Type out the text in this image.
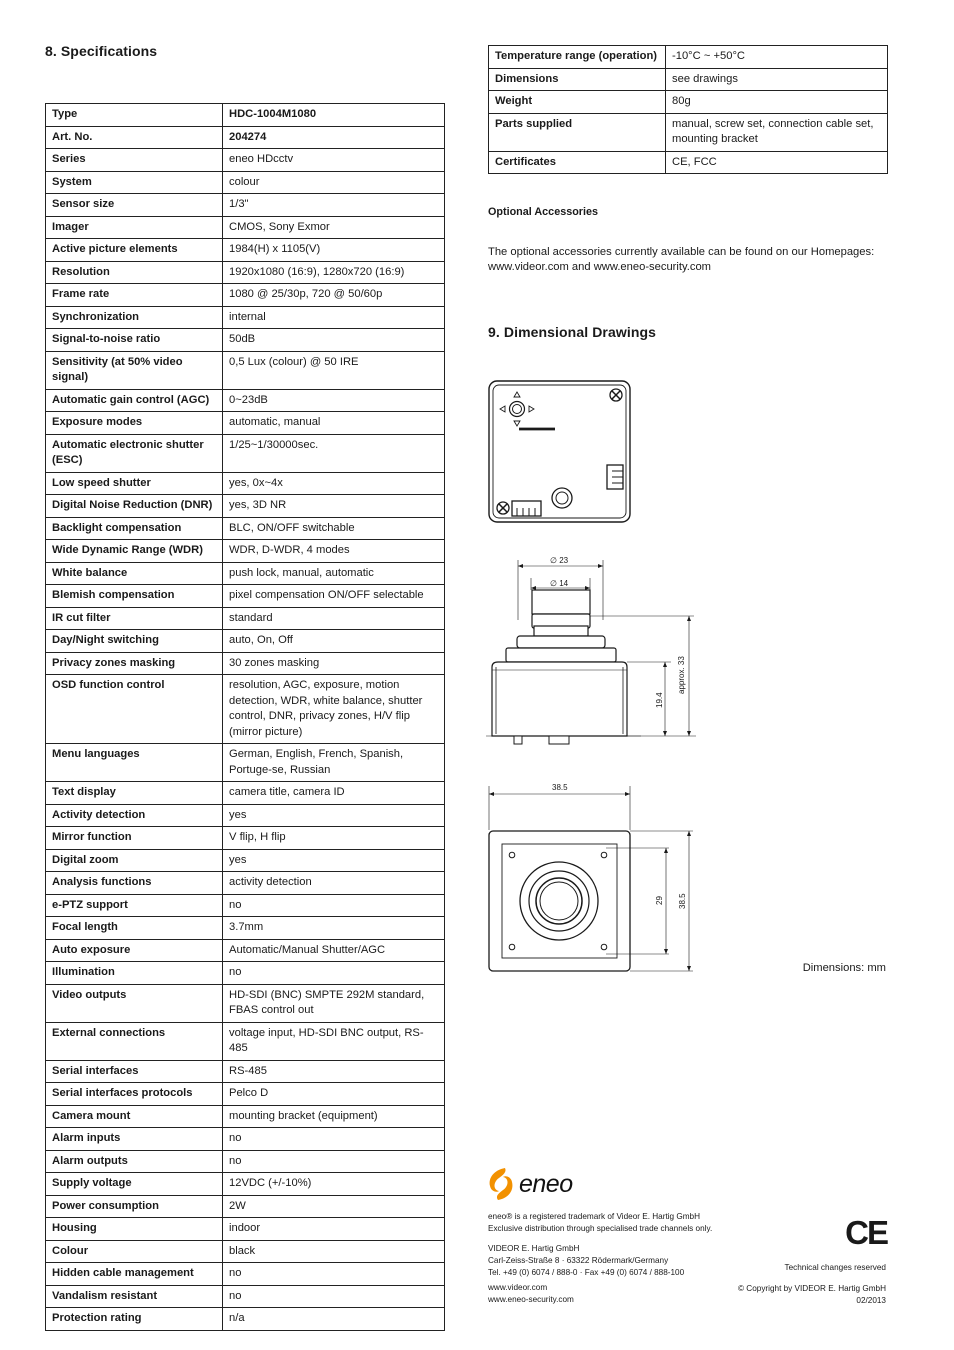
8. Specifications
Type	HDC-1004M1080
Art. No.	204274
Series	eneo HDcctv
System	colour
Sensor size	1/3"
Imager	CMOS, Sony Exmor
Active picture elements	1984(H) x 1105(V)
Resolution	1920x1080 (16:9), 1280x720 (16:9)
Frame rate	1080 @ 25/30p, 720 @ 50/60p
Synchronization	internal
Signal-to-noise ratio	50dB
Sensitivity (at 50% video signal)	0,5 Lux (colour) @ 50 IRE
Automatic gain control (AGC)	0~23dB
Exposure modes	automatic, manual
Automatic electronic shutter (ESC)	1/25~1/30000sec.
Low speed shutter	yes, 0x~4x
Digital Noise Reduction (DNR)	yes, 3D NR
Backlight compensation	BLC, ON/OFF switchable
Wide Dynamic Range (WDR)	WDR, D-WDR, 4 modes
White balance	push lock, manual, automatic
Blemish compensation	pixel compensation ON/OFF selectable
IR cut filter	standard
Day/Night switching	auto, On, Off
Privacy zones masking	30 zones masking
OSD function control	resolution, AGC, exposure, motion detection, WDR, white balance, shutter control, DNR, privacy zones, H/V flip (mirror picture)
Menu languages	German, English, French, Spanish, Portuge-se, Russian
Text display	camera title, camera ID
Activity detection	yes
Mirror function	V flip, H flip
Digital zoom	yes
Analysis functions	activity detection
e-PTZ support	no
Focal length	3.7mm
Auto exposure	Automatic/Manual Shutter/AGC
Illumination	no
Video outputs	HD-SDI (BNC) SMPTE 292M standard, FBAS control out
External connections	voltage input, HD-SDI BNC output, RS-485
Serial interfaces	RS-485
Serial interfaces protocols	Pelco D
Camera mount	mounting bracket (equipment)
Alarm inputs	no
Alarm outputs	no
Supply voltage	12VDC (+/-10%)
Power consumption	2W
Housing	indoor
Colour	black
Hidden cable management	no
Vandalism resistant	no
Protection rating	n/a
Temperature range (operation)	-10°C ~ +50°C
Dimensions	see drawings
Weight	80g
Parts supplied	manual, screw set, connection cable set, mounting bracket
Certificates	CE, FCC
Optional Accessories
The optional accessories currently available can be found on our Homepages:
www.videor.com and www.eneo-security.com
9. Dimensional Drawings
∅ 23
∅ 14
19.4
approx. 33
38.5
29 38.5
Dimensions: mm
eneo
eneo® is a registered trademark of Videor E. Hartig GmbH
Exclusive distribution through specialised trade channels only.
VIDEOR E. Hartig GmbH
Carl-Zeiss-Straße 8 · 63322 Rödermark/Germany
Tel. +49 (0) 6074 / 888-0 · Fax +49 (0) 6074 / 888-100
www.videor.com
www.eneo-security.com
CE
Technical changes reserved
© Copyright by VIDEOR E. Hartig GmbH
02/2013
